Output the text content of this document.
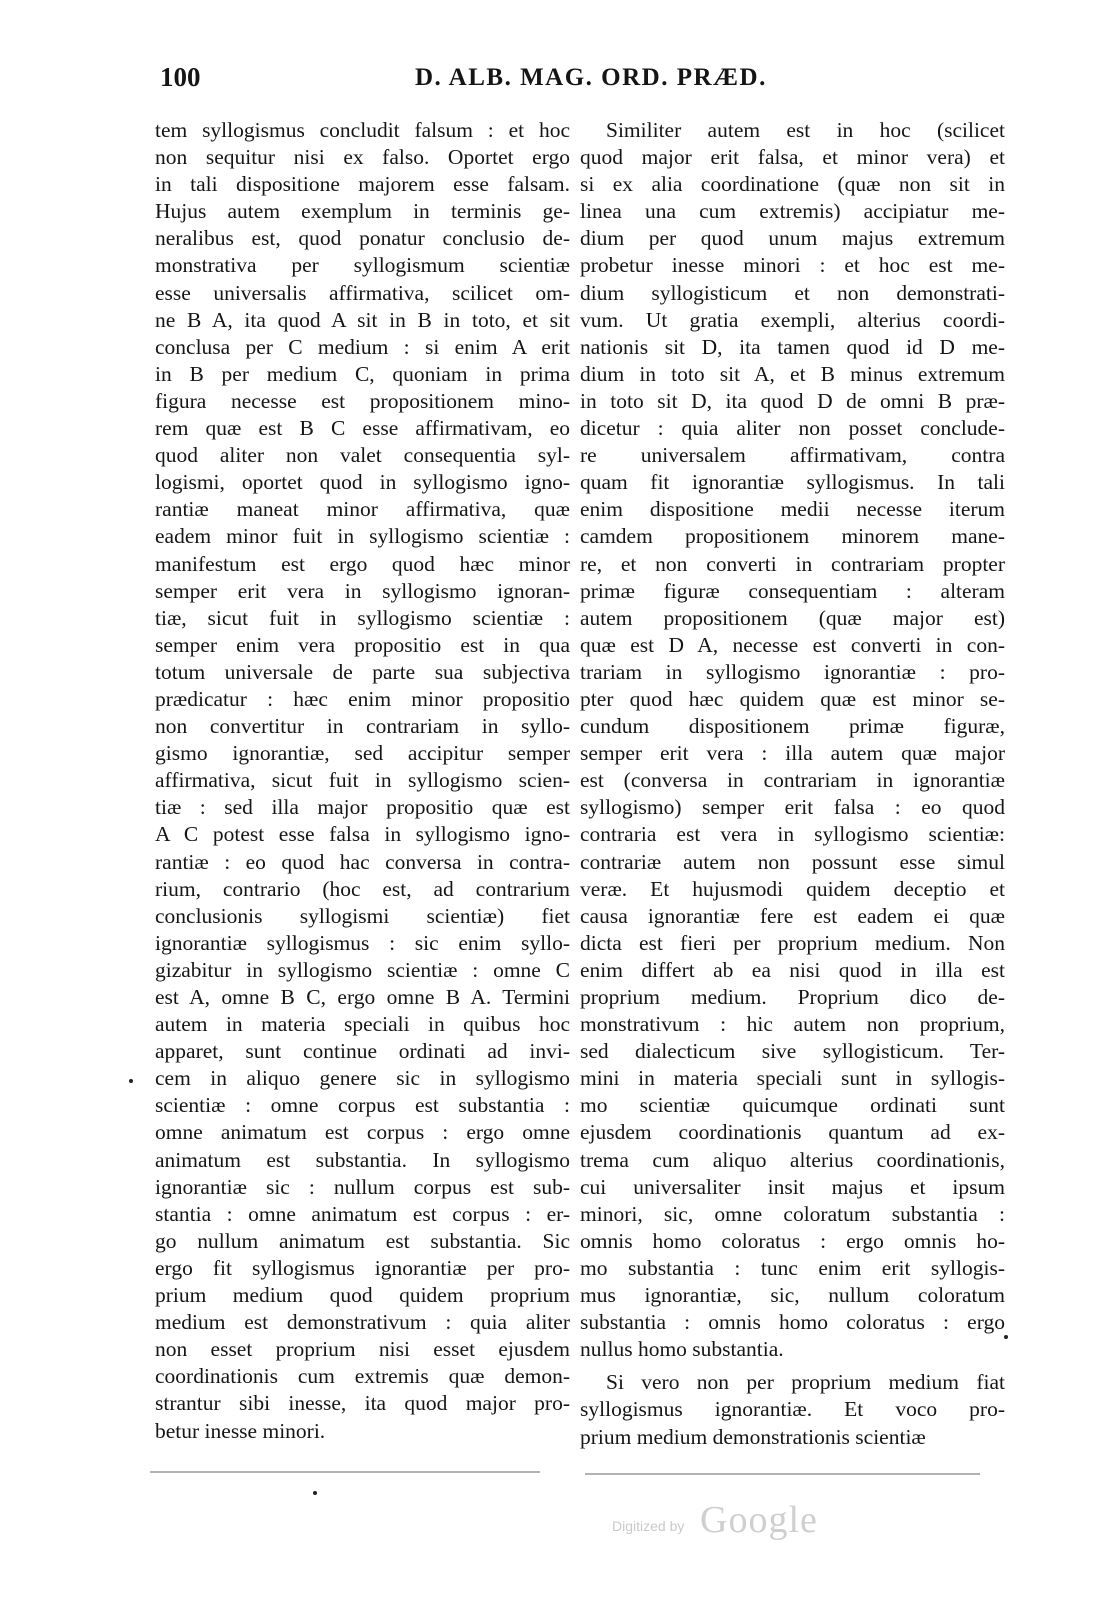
100	D. ALB. MAG. ORD. PRÆD.
tem syllogismus concludit falsum : et hoc
non sequitur nisi ex falso. Oportet ergo
in tali dispositione majorem esse falsam.
Hujus autem exemplum in terminis ge-
neralibus est, quod ponatur conclusio de-
monstrativa per syllogismum scientiæ
esse universalis affirmativa, scilicet om-
ne B A, ita quod A sit in B in toto, et sit
conclusa per C medium : si enim A erit
in B per medium C, quoniam in prima
figura necesse est propositionem mino-
rem quæ est B C esse affirmativam, eo
quod aliter non valet consequentia syl-
logismi, oportet quod in syllogismo igno-
rantiæ maneat minor affirmativa, quæ
eadem minor fuit in syllogismo scientiæ :
manifestum est ergo quod hæc minor
semper erit vera in syllogismo ignoran-
tiæ, sicut fuit in syllogismo scientiæ :
semper enim vera propositio est in qua
totum universale de parte sua subjectiva
prædicatur : hæc enim minor propositio
non convertitur in contrariam in syllo-
gismo ignorantiæ, sed accipitur semper
affirmativa, sicut fuit in syllogismo scien-
tiæ : sed illa major propositio quæ est
A C potest esse falsa in syllogismo igno-
rantiæ : eo quod hac conversa in contra-
rium, contrario (hoc est, ad contrarium
conclusionis syllogismi scientiæ) fiet
ignorantiæ syllogismus : sic enim syllo-
gizabitur in syllogismo scientiæ : omne C
est A, omne B C, ergo omne B A. Termini
autem in materia speciali in quibus hoc
apparet, sunt continue ordinati ad invi-
cem in aliquo genere sic in syllogismo
scientiæ : omne corpus est substantia :
omne animatum est corpus : ergo omne
animatum est substantia. In syllogismo
ignorantiæ sic : nullum corpus est sub-
stantia : omne animatum est corpus : er-
go nullum animatum est substantia. Sic
ergo fit syllogismus ignorantiæ per pro-
prium medium quod quidem proprium
medium est demonstrativum : quia aliter
non esset proprium nisi esset ejusdem
coordinationis cum extremis quæ demon-
strantur sibi inesse, ita quod major pro-
betur inesse minori.
Similiter autem est in hoc (scilicet
quod major erit falsa, et minor vera) et
si ex alia coordinatione (quæ non sit in
linea una cum extremis) accipiatur me-
dium per quod unum majus extremum
probetur inesse minori : et hoc est me-
dium syllogisticum et non demonstrati-
vum. Ut gratia exempli, alterius coordi-
nationis sit D, ita tamen quod id D me-
dium in toto sit A, et B minus extremum
in toto sit D, ita quod D de omni B præ-
dicetur : quia aliter non posset conclude-
re universalem affirmativam, contra
quam fit ignorantiæ syllogismus. In tali
enim dispositione medii necesse iterum
camdem propositionem minorem mane-
re, et non converti in contrariam propter
primæ figuræ consequentiam : alteram
autem propositionem (quæ major est)
quæ est D A, necesse est converti in con-
trariam in syllogismo ignorantiæ : pro-
pter quod hæc quidem quæ est minor se-
cundum dispositionem primæ figuræ,
semper erit vera : illa autem quæ major
est (conversa in contrariam in ignorantiæ
syllogismo) semper erit falsa : eo quod
contraria est vera in syllogismo scientiæ:
contrariæ autem non possunt esse simul
veræ. Et hujusmodi quidem deceptio et
causa ignorantiæ fere est eadem ei quæ
dicta est fieri per proprium medium. Non
enim differt ab ea nisi quod in illa est
proprium medium. Proprium dico de-
monstrativum : hic autem non proprium,
sed dialecticum sive syllogisticum. Ter-
mini in materia speciali sunt in syllogis-
mo scientiæ quicumque ordinati sunt
ejusdem coordinationis quantum ad ex-
trema cum aliquo alterius coordinationis,
cui universaliter insit majus et ipsum
minori, sic, omne coloratum substantia :
omnis homo coloratus : ergo omnis ho-
mo substantia : tunc enim erit syllogis-
mus ignorantiæ, sic, nullum coloratum
substantia : omnis homo coloratus : ergo
nullus homo substantia.
Si vero non per proprium medium fiat
syllogismus ignorantiæ. Et voco pro-
prium medium demonstrationis scientiæ
Digitized by Google
